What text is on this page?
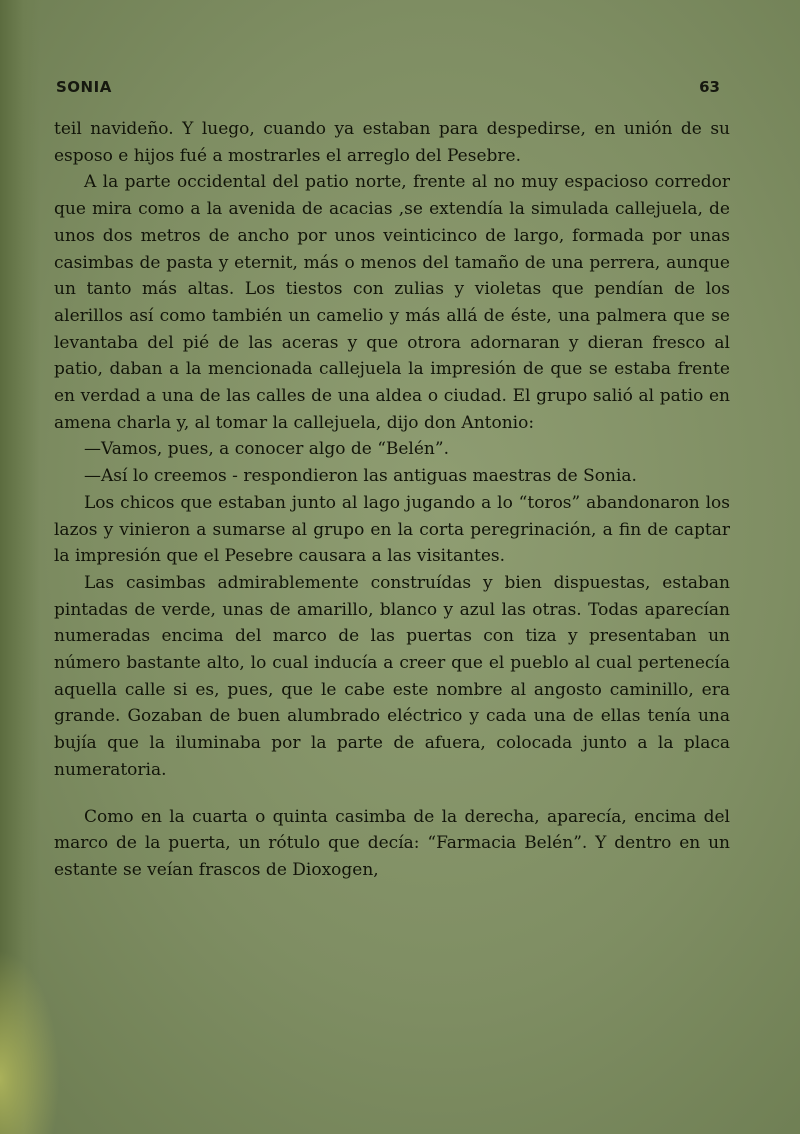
SONIA	63

teil navideño. Y luego, cuando ya estaban para despedirse, en unión de su esposo e hijos fué a mostrarles el arreglo del Pesebre.

A la parte occidental del patio norte, frente al no muy espacioso corredor que mira como a la avenida de acacias ,se extendía la simulada callejuela, de unos dos metros de ancho por unos veinticinco de largo, formada por unas casimbas de pasta y eternit, más o menos del tamaño de una perrera, aunque un tanto más altas. Los tiestos con zulias y violetas que pendían de los alerillos así como también un camelio y más allá de éste, una palmera que se levantaba del pié de las aceras y que otrora adornaran y dieran fresco al patio, daban a la mencionada callejuela la impresión de que se estaba frente en verdad a una de las calles de una aldea o ciudad. El grupo salió al patio en amena charla y, al tomar la callejuela, dijo don Antonio:

—Vamos, pues, a conocer algo de “Belén”.

—Así lo creemos - respondieron las antiguas maestras de Sonia.

Los chicos que estaban junto al lago jugando a lo “toros” abandonaron los lazos y vinieron a sumarse al grupo en la corta peregrinación, a fin de captar la impresión que el Pesebre causara a las visitantes.

Las casimbas admirablemente construídas y bien dispuestas, estaban pintadas de verde, unas de amarillo, blanco y azul las otras. Todas aparecían numeradas encima del marco de las puertas con tiza y presentaban un número bastante alto, lo cual inducía a creer que el pueblo al cual pertenecía aquella calle si es, pues, que le cabe este nombre al angosto caminillo, era grande. Gozaban de buen alumbrado eléctrico y cada una de ellas tenía una bujía que la iluminaba por la parte de afuera, colocada junto a la placa numeratoria.

Como en la cuarta o quinta casimba de la derecha, aparecía, encima del marco de la puerta, un rótulo que decía: “Farmacia Belén”. Y dentro en un estante se veían frascos de Dioxogen,
